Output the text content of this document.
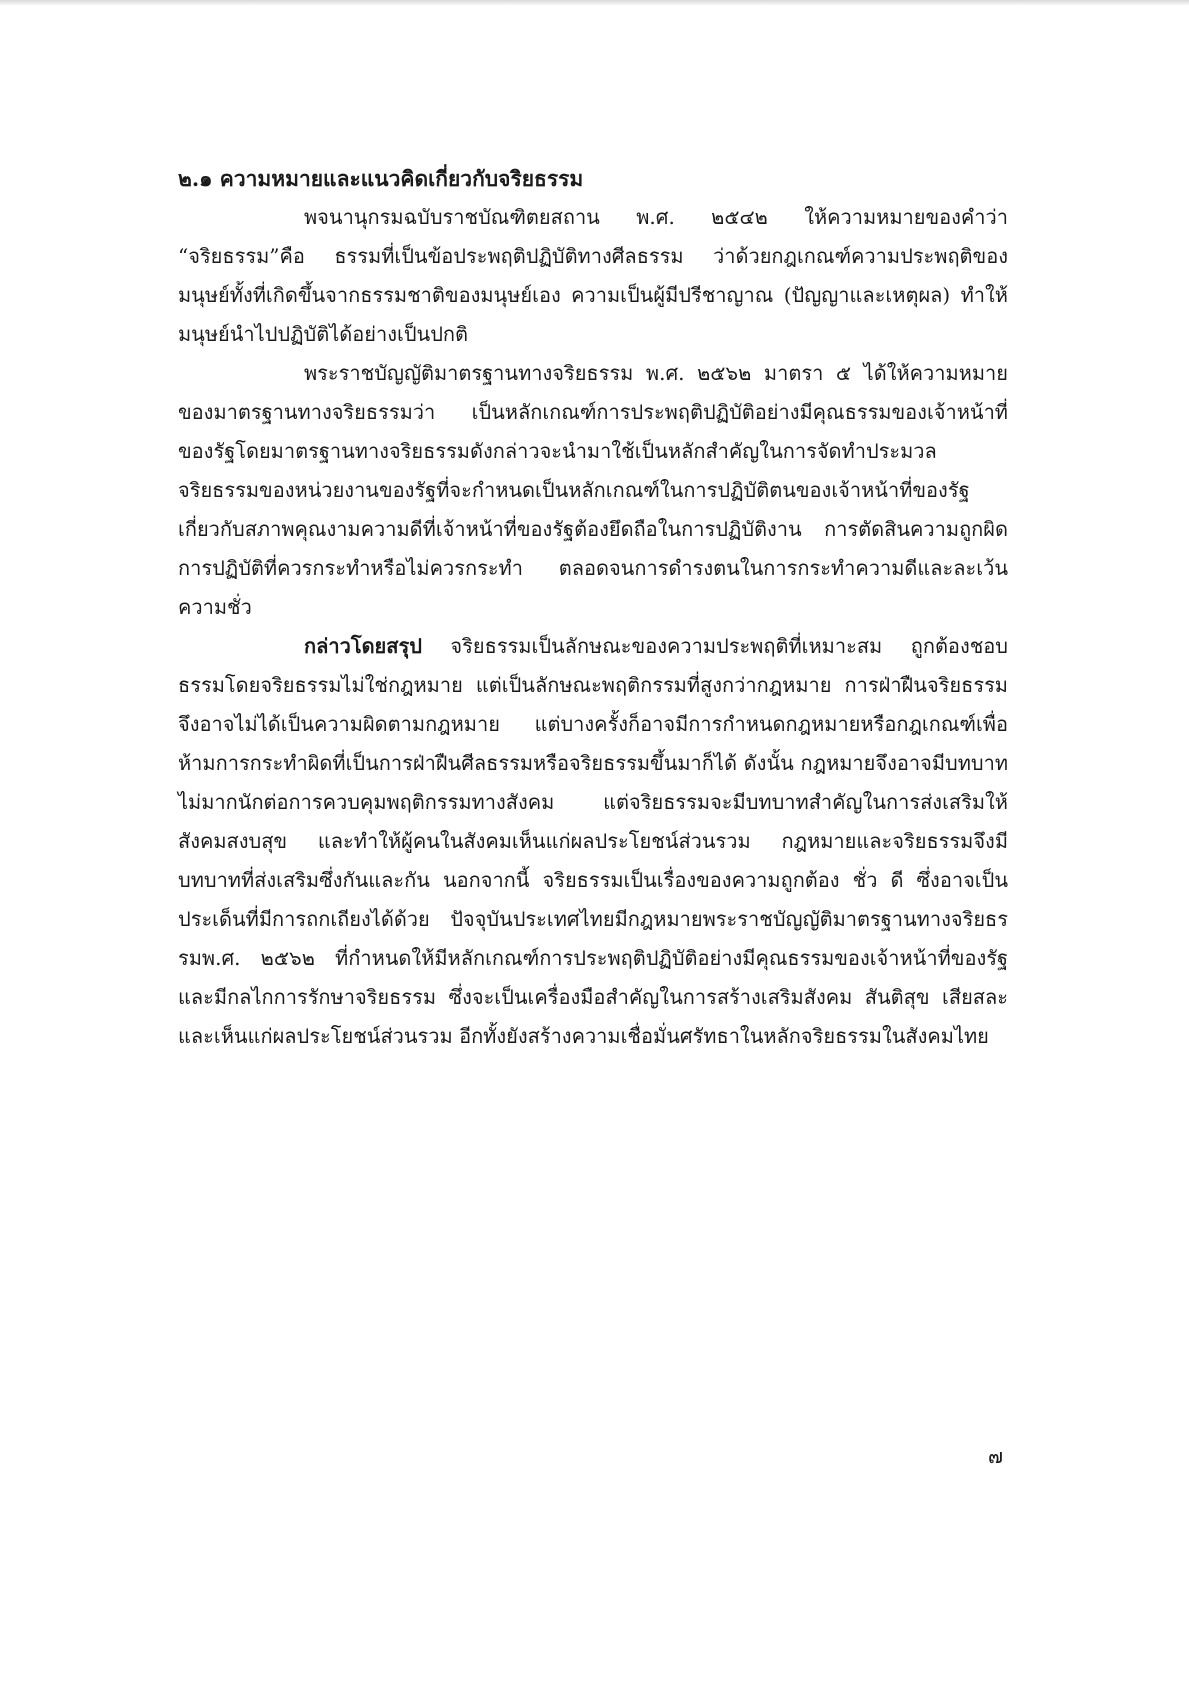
๒.๑ ความหมายและแนวคิดเกี่ยวกับจริยธรรม

พจนานุกรมฉบับราชบัณฑิตยสถาน พ.ศ. ๒๕๔๒ ให้ความหมายของคำว่า “จริยธรรม”คือ ธรรมที่เป็นข้อประพฤติปฏิบัติทางศีลธรรม ว่าด้วยกฎเกณฑ์ความประพฤติของมนุษย์ทั้งที่เกิดขึ้นจากธรรมชาติของมนุษย์เอง ความเป็นผู้มีปรีชาญาณ (ปัญญาและเหตุผล) ทำให้มนุษย์นำไปปฏิบัติได้อย่างเป็นปกติ

พระราชบัญญัติมาตรฐานทางจริยธรรม พ.ศ. ๒๕๖๒ มาตรา ๕ ได้ให้ความหมายของมาตรฐานทางจริยธรรมว่า เป็นหลักเกณฑ์การประพฤติปฏิบัติอย่างมีคุณธรรมของเจ้าหน้าที่ของรัฐโดยมาตรฐานทางจริยธรรมดังกล่าวจะนำมาใช้เป็นหลักสำคัญในการจัดทำประมวลจริยธรรมของหน่วยงานของรัฐที่จะกำหนดเป็นหลักเกณฑ์ในการปฏิบัติตนของเจ้าหน้าที่ของรัฐเกี่ยวกับสภาพคุณงามความดีที่เจ้าหน้าที่ของรัฐต้องยึดถือในการปฏิบัติงาน การตัดสินความถูกผิด การปฏิบัติที่ควรกระทำหรือไม่ควรกระทำ ตลอดจนการดำรงตนในการกระทำความดีและละเว้นความชั่ว

กล่าวโดยสรุป จริยธรรมเป็นลักษณะของความประพฤติที่เหมาะสม ถูกต้องชอบธรรมโดยจริยธรรมไม่ใช่กฎหมาย แต่เป็นลักษณะพฤติกรรมที่สูงกว่ากฎหมาย การฝ่าฝืนจริยธรรมจึงอาจไม่ได้เป็นความผิดตามกฎหมาย แต่บางครั้งก็อาจมีการกำหนดกฎหมายหรือกฎเกณฑ์เพื่อห้ามการกระทำผิดที่เป็นการฝ่าฝืนศีลธรรมหรือจริยธรรมขึ้นมาก็ได้ ดังนั้น กฎหมายจึงอาจมีบทบาทไม่มากนักต่อการควบคุมพฤติกรรมทางสังคม แต่จริยธรรมจะมีบทบาทสำคัญในการส่งเสริมให้สังคมสงบสุข และทำให้ผู้คนในสังคมเห็นแก่ผลประโยชน์ส่วนรวม กฎหมายและจริยธรรมจึงมีบทบาทที่ส่งเสริมซึ่งกันและกัน นอกจากนี้ จริยธรรมเป็นเรื่องของความถูกต้อง ชั่ว ดี ซึ่งอาจเป็นประเด็นที่มีการถกเถียงได้ด้วย ปัจจุบันประเทศไทยมีกฎหมายพระราชบัญญัติมาตรฐานทางจริยธรรมพ.ศ. ๒๕๖๒ ที่กำหนดให้มีหลักเกณฑ์การประพฤติปฏิบัติอย่างมีคุณธรรมของเจ้าหน้าที่ของรัฐและมีกลไกการรักษาจริยธรรม ซึ่งจะเป็นเครื่องมือสำคัญในการสร้างเสริมสังคม สันติสุข เสียสละและเห็นแก่ผลประโยชน์ส่วนรวม อีกทั้งยังสร้างความเชื่อมั่นศรัทธาในหลักจริยธรรมในสังคมไทย

๗
